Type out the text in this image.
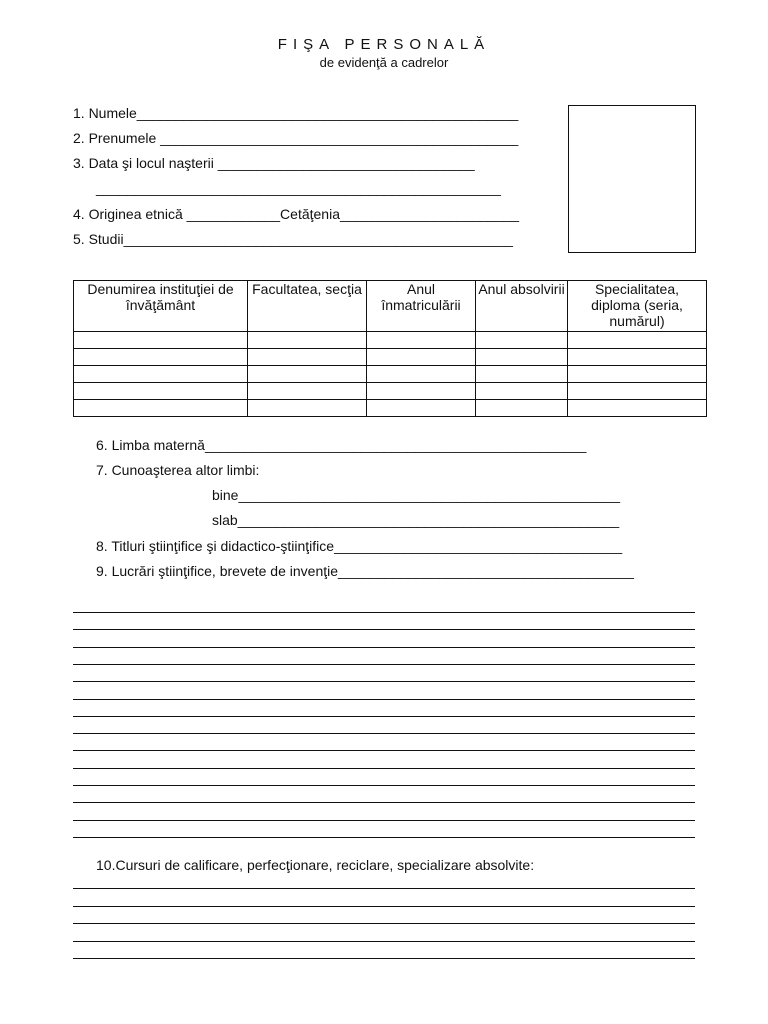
FIŞA PERSONALĂ
de evidenţă a cadrelor
1. Numele_________________________________________________
2. Prenumele ______________________________________________
3. Data şi locul naşterii _________________________________
____________________________________________________
4. Originea etnică ____________Cetăţenia_______________________
5. Studii__________________________________________________
Denumirea instituţiei de învăţământ	Facultatea, secţia	Anul înmatriculării	Anul absolvirii	Specialitatea, diploma (seria, numărul)

6. Limba maternă_________________________________________________
7. Cunoaşterea altor limbi:
bine_________________________________________________
slab_________________________________________________
8. Titluri ştiinţifice şi didactico-ştiinţifice_____________________________________
9. Lucrări ştiinţifice, brevete de invenţie______________________________________
10.Cursuri de calificare, perfecţionare, reciclare, specializare absolvite:
